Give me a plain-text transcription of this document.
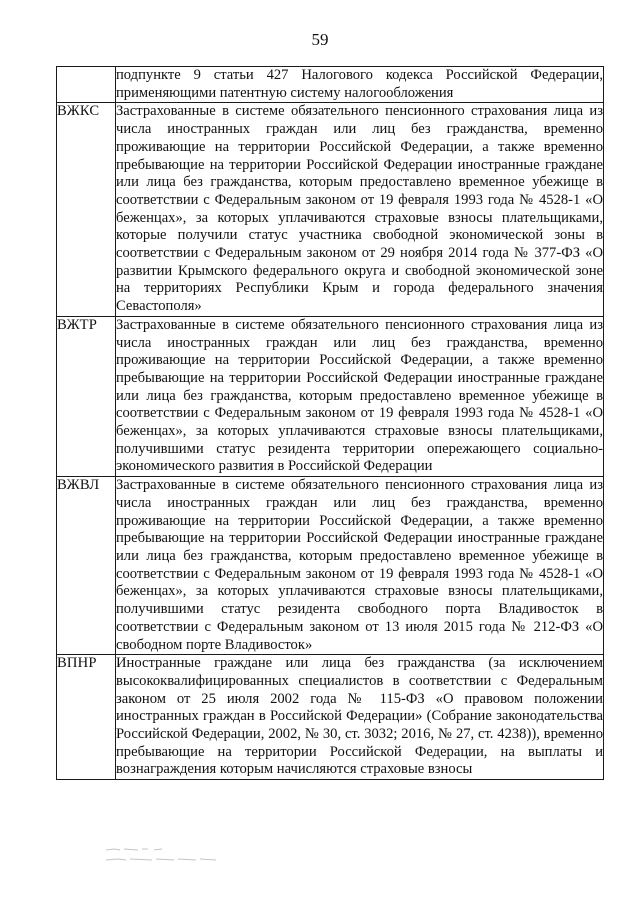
59
	подпункте 9 статьи 427 Налогового кодекса Российской Федерации, применяющими патентную систему налогообложения
ВЖКС	Застрахованные в системе обязательного пенсионного страхования лица из числа иностранных граждан или лиц без гражданства, временно проживающие на территории Российской Федерации, а также временно пребывающие на территории Российской Федерации иностранные граждане или лица без гражданства, которым предоставлено временное убежище в соответствии с Федеральным законом от 19 февраля 1993 года № 4528-1 «О беженцах», за которых уплачиваются страховые взносы плательщиками, которые получили статус участника свободной экономической зоны в соответствии с Федеральным законом от 29 ноября 2014 года № 377-ФЗ «О развитии Крымского федерального округа и свободной экономической зоне на территориях Республики Крым и города федерального значения Севастополя»
ВЖТР	Застрахованные в системе обязательного пенсионного страхования лица из числа иностранных граждан или лиц без гражданства, временно проживающие на территории Российской Федерации, а также временно пребывающие на территории Российской Федерации иностранные граждане или лица без гражданства, которым предоставлено временное убежище в соответствии с Федеральным законом от 19 февраля 1993 года № 4528-1 «О беженцах», за которых уплачиваются страховые взносы плательщиками, получившими статус резидента территории опережающего социально-экономического развития в Российской Федерации
ВЖВЛ	Застрахованные в системе обязательного пенсионного страхования лица из числа иностранных граждан или лиц без гражданства, временно проживающие на территории Российской Федерации, а также временно пребывающие на территории Российской Федерации иностранные граждане или лица без гражданства, которым предоставлено временное убежище в соответствии с Федеральным законом от 19 февраля 1993 года № 4528-1 «О беженцах», за которых уплачиваются страховые взносы плательщиками, получившими статус резидента свободного порта Владивосток в соответствии с Федеральным законом от 13 июля 2015 года № 212-ФЗ «О свободном порте Владивосток»
ВПНР	Иностранные граждане или лица без гражданства (за исключением высококвалифицированных специалистов в соответствии с Федеральным законом от 25 июля 2002 года № 115-ФЗ «О правовом положении иностранных граждан в Российской Федерации» (Собрание законодательства Российской Федерации, 2002, № 30, ст. 3032; 2016, № 27, ст. 4238)), временно пребывающие на территории Российской Федерации, на выплаты и вознаграждения которым начисляются страховые взносы
